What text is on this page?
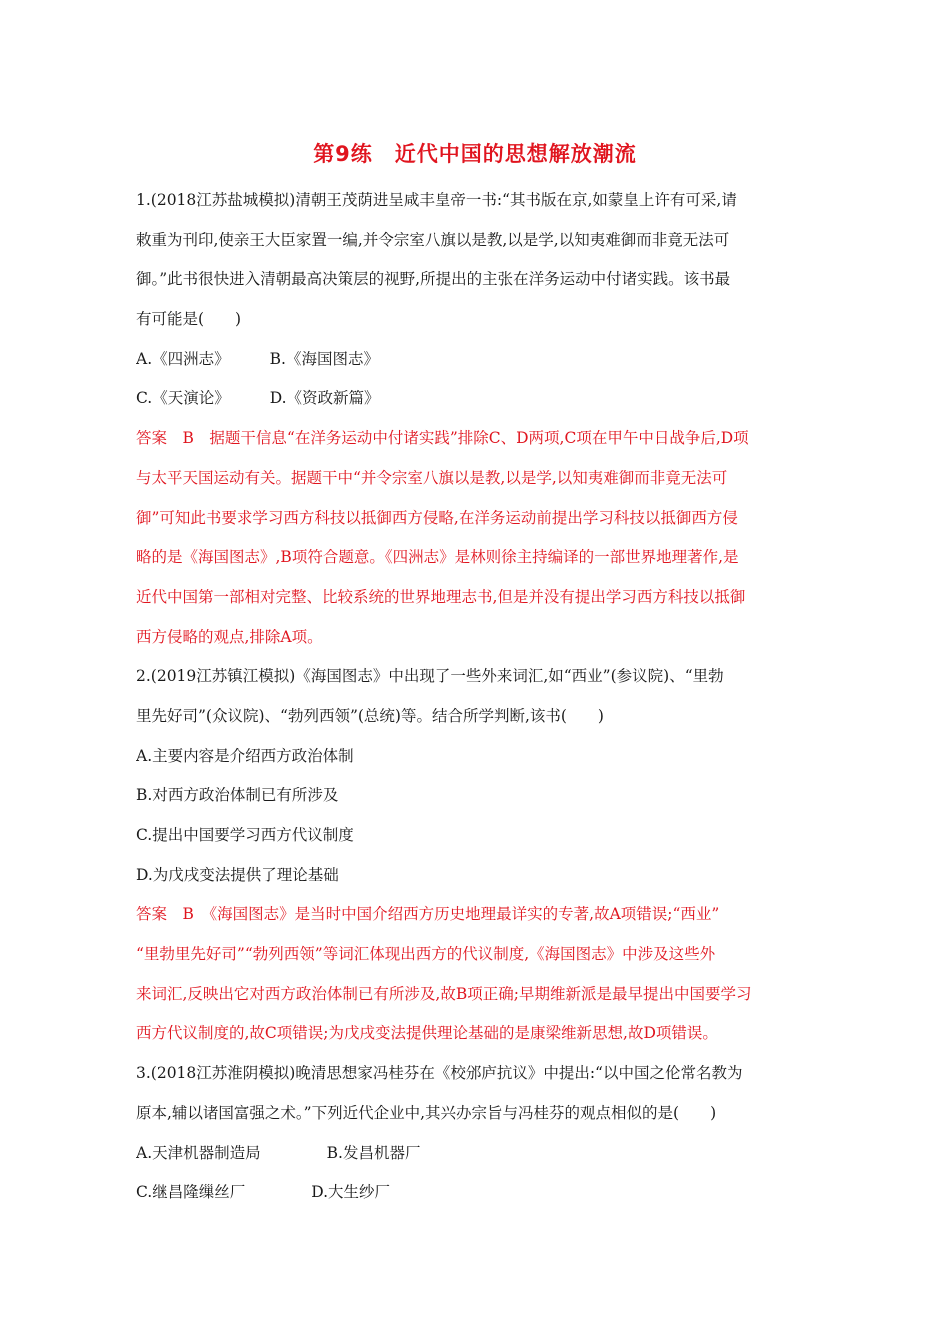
第9练　近代中国的思想解放潮流
1.(2018江苏盐城模拟)清朝王茂荫进呈咸丰皇帝一书:“其书版在京,如蒙皇上许有可采,请
敕重为刊印,使亲王大臣家置一编,并令宗室八旗以是教,以是学,以知夷难御而非竟无法可
御。”此书很快进入清朝最高决策层的视野,所提出的主张在洋务运动中付诸实践。该书最
有可能是(　　)
A.《四洲志》	B.《海国图志》
C.《天演论》	D.《资政新篇》
答案　B　据题干信息“在洋务运动中付诸实践”排除C、D两项,C项在甲午中日战争后,D项
与太平天国运动有关。据题干中“并令宗室八旗以是教,以是学,以知夷难御而非竟无法可
御”可知此书要求学习西方科技以抵御西方侵略,在洋务运动前提出学习科技以抵御西方侵
略的是《海国图志》,B项符合题意。《四洲志》是林则徐主持编译的一部世界地理著作,是
近代中国第一部相对完整、比较系统的世界地理志书,但是并没有提出学习西方科技以抵御
西方侵略的观点,排除A项。
2.(2019江苏镇江模拟)《海国图志》中出现了一些外来词汇,如“西业”(参议院)、“里勃
里先好司”(众议院)、“勃列西领”(总统)等。结合所学判断,该书(　　)
A.主要内容是介绍西方政治体制
B.对西方政治体制已有所涉及
C.提出中国要学习西方代议制度
D.为戊戌变法提供了理论基础
答案　B　《海国图志》是当时中国介绍西方历史地理最详实的专著,故A项错误;“西业”
“里勃里先好司”“勃列西领”等词汇体现出西方的代议制度,《海国图志》中涉及这些外
来词汇,反映出它对西方政治体制已有所涉及,故B项正确;早期维新派是最早提出中国要学习
西方代议制度的,故C项错误;为戊戌变法提供理论基础的是康梁维新思想,故D项错误。
3.(2018江苏淮阴模拟)晚清思想家冯桂芬在《校邠庐抗议》中提出:“以中国之伦常名教为
原本,辅以诸国富强之术。”下列近代企业中,其兴办宗旨与冯桂芬的观点相似的是(　　)
A.天津机器制造局	B.发昌机器厂
C.继昌隆缫丝厂	D.大生纱厂
